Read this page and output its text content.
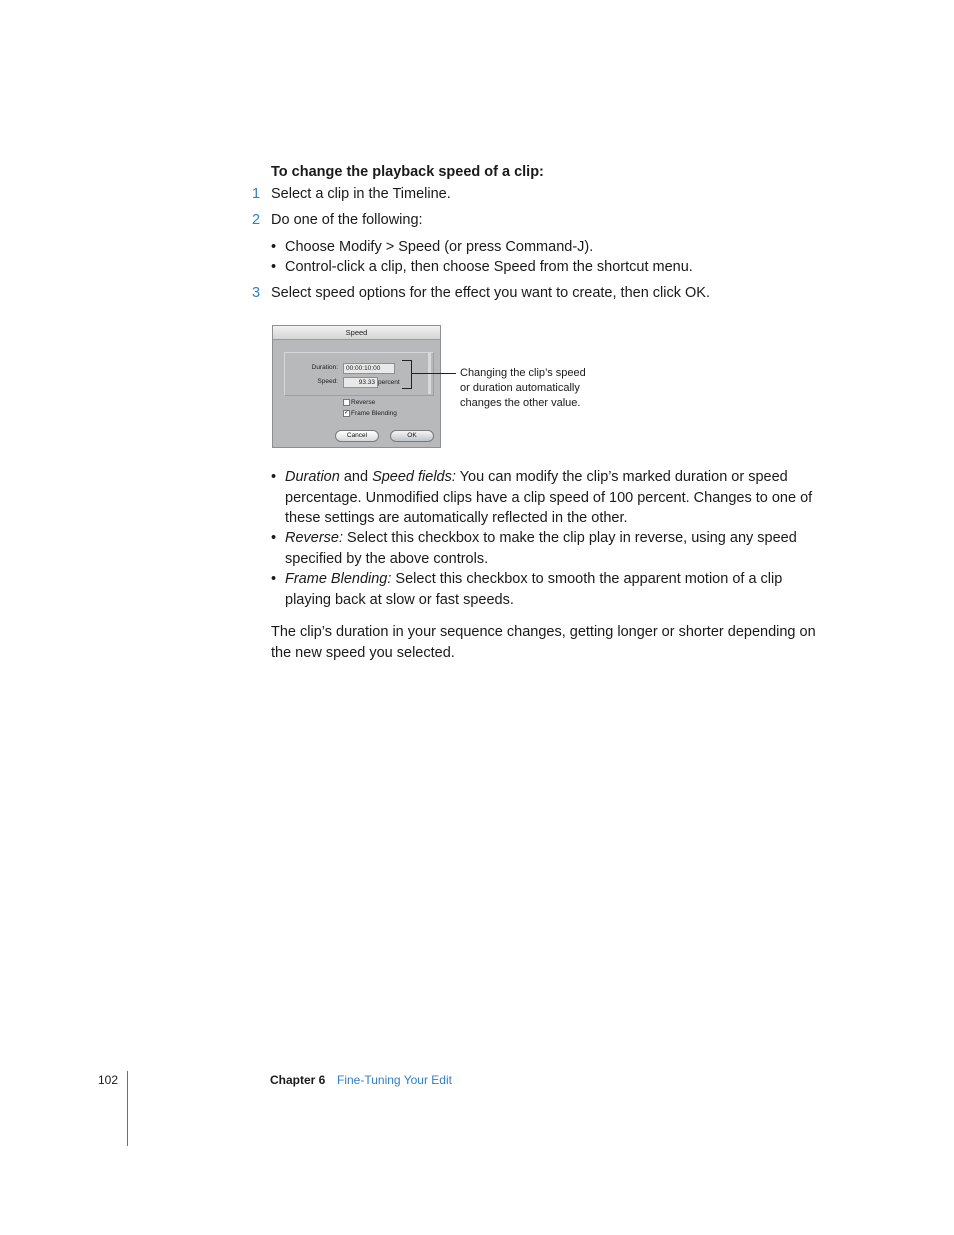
To change the playback speed of a clip:
1 Select a clip in the Timeline.
2 Do one of the following:
• Choose Modify > Speed (or press Command-J).
• Control-click a clip, then choose Speed from the shortcut menu.
3 Select speed options for the effect you want to create, then click OK.
Speed
Duration:	00:00:10:00
Speed:	93.33 percent
Reverse
✓ Frame Blending
Cancel	OK
Changing the clip’s speed
or duration automatically
changes the other value.
• Duration and Speed fields: You can modify the clip’s marked duration or speed percentage. Unmodified clips have a clip speed of 100 percent. Changes to one of these settings are automatically reflected in the other.
• Reverse: Select this checkbox to make the clip play in reverse, using any speed specified by the above controls.
• Frame Blending: Select this checkbox to smooth the apparent motion of a clip playing back at slow or fast speeds.
The clip’s duration in your sequence changes, getting longer or shorter depending on the new speed you selected.
102	Chapter 6 Fine-Tuning Your Edit
